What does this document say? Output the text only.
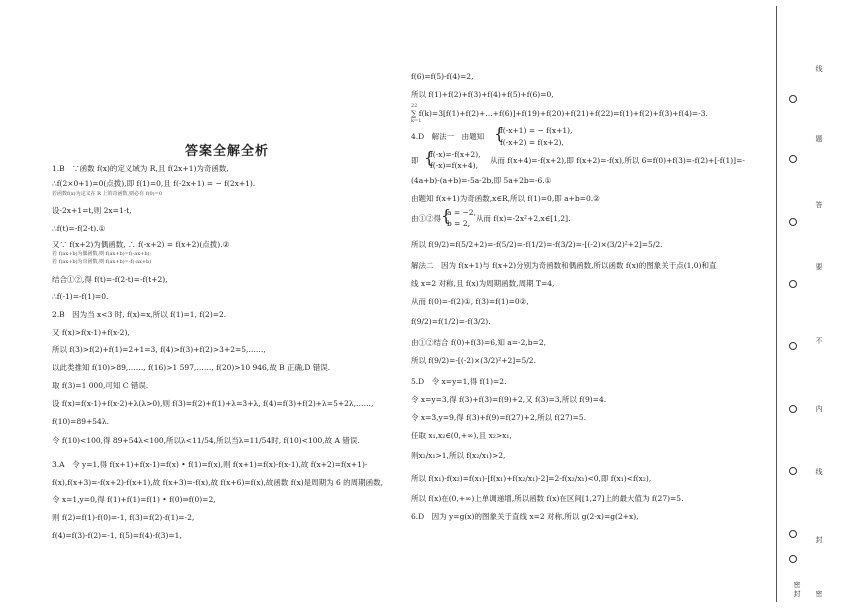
答案全解全析
1.B　∵函数 f(x)的定义域为 R,且 f(2x+1)为奇函数,
∴f(2×0+1)=0(点拨),即 f(1)=0,且 f(-2x+1) = − f(2x+1).
若函数f(x)为定义在 R 上的奇函数,则必有 f(0)=0
设-2x+1=t,则 2x=1-t,
∴f(t)=-f(2-t).①
又∵ f(x+2)为偶函数, ∴ f(-x+2) = f(x+2)(点拨).②
若 f(ax+b)为偶函数,则 f(ax+b)=f(-ax+b);
若 f(ax+b)为奇函数,则 f(ax+b)=-f(-ax+b)
结合①②,得 f(t)=-f(2-t)=-f(t+2),
∴f(-1)=-f(1)=0.
2.B　因为当 x<3 时, f(x)=x,所以 f(1)=1, f(2)=2.
又 f(x)>f(x-1)+f(x-2),
所以 f(3)>f(2)+f(1)=2+1=3, f(4)>f(3)+f(2)>3+2=5,……,
以此类推知 f(10)>89,……, f(16)>1 597,……, f(20)>10 946,故 B 正确,D 错误.
取 f(3)=1 000,可知 C 错误.
设 f(x)=f(x-1)+f(x-2)+λ(λ>0),则 f(3)=f(2)+f(1)+λ=3+λ, f(4)=f(3)+f(2)+λ=5+2λ,……,
f(10)=89+54λ.
令 f(10)<100,得 89+54λ<100,所以λ<11/54,所以当λ=11/54时, f(10)<100,故 A 错误.
3.A　令 y=1,得 f(x+1)+f(x-1)=f(x) • f(1)=f(x),则 f(x+1)=f(x)-f(x-1),故 f(x+2)=f(x+1)-
f(x),f(x+3)=-f(x+2)-f(x+1),故 f(x+3)=-f(x),故 f(x+6)=f(x),故函数 f(x)是周期为 6 的周期函数,
令 x=1,y=0,得 f(1)+f(1)=f(1) • f(0)⇒f(0)=2,
则 f(2)=f(1)-f(0)=-1, f(3)=f(2)-f(1)=-2,
f(4)=f(3)-f(2)=-1, f(5)=f(4)-f(3)=1,
f(6)=f(5)-f(4)=2,
所以 f(1)+f(2)+f(3)+f(4)+f(5)+f(6)=0,
22
∑ f(k)=3[f(1)+f(2)+…+f(6)]+f(19)+f(20)+f(21)+f(22)=f(1)+f(2)+f(3)+f(4)=-3.
k=1
4.D　解法一　由题知
f(-x+1) = − f(x+1),
f(-x+2) = f(x+2),
即
f(-x)=-f(x+2),
f(-x)=f(x+4),
从而 f(x+4)=-f(x+2),即 f(x+2)=-f(x),所以 6=f(0)+f(3)=-f(2)+[-f(1)]=-
(4a+b)-(a+b)=-5a-2b,即 5a+2b=-6.①
由题知 f(x+1)为奇函数,x∈R,所以 f(1)=0,即 a+b=0.②
由①②得
a = −2,
b = 2,
从而 f(x)=-2x²+2,x∈[1,2].
所以 f(9/2)=f(5/2+2)=-f(5/2)=-f(1/2)=-f(3/2)=-[(-2)×(3/2)²+2]=5/2.
解法二　因为 f(x+1)与 f(x+2)分别为奇函数和偶函数,所以函数 f(x)的图象关于点(1,0)和直
线 x=2 对称,且 f(x)为周期函数,周期 T=4,
从而 f(0)=-f(2)①, f(3)=f(1)=0②,
f(9/2)=f(1/2)=-f(3/2).
由①②结合 f(0)+f(3)=6,知 a=-2,b=2,
所以 f(9/2)=-[(-2)×(3/2)²+2]=5/2.
5.D　令 x=y=1,得 f(1)=2.
令 x=y=3,得 f(3)+f(3)=f(9)+2,又 f(3)=3,所以 f(9)=4.
令 x=3,y=9,得 f(3)+f(9)=f(27)+2,所以 f(27)=5.
任取 x₁,x₂∈(0,+∞),且 x₂>x₁,
则x₂/x₁>1,所以 f(x₂/x₁)>2,
所以 f(x₁)-f(x₂)=f(x₁)-[f(x₁)+f(x₂/x₁)-2]=2-f(x₂/x₁)<0,即 f(x₁)<f(x₂),
所以 f(x)在(0,+∞)上单调递增,所以函数 f(x)在区间[1,27]上的最大值为 f(27)=5.
6.D　因为 y=g(x)的图象关于直线 x=2 对称,所以 g(2-x)=g(2+x),
{
{
{
线
题
答
要
不
内
线
封
密
封 密
